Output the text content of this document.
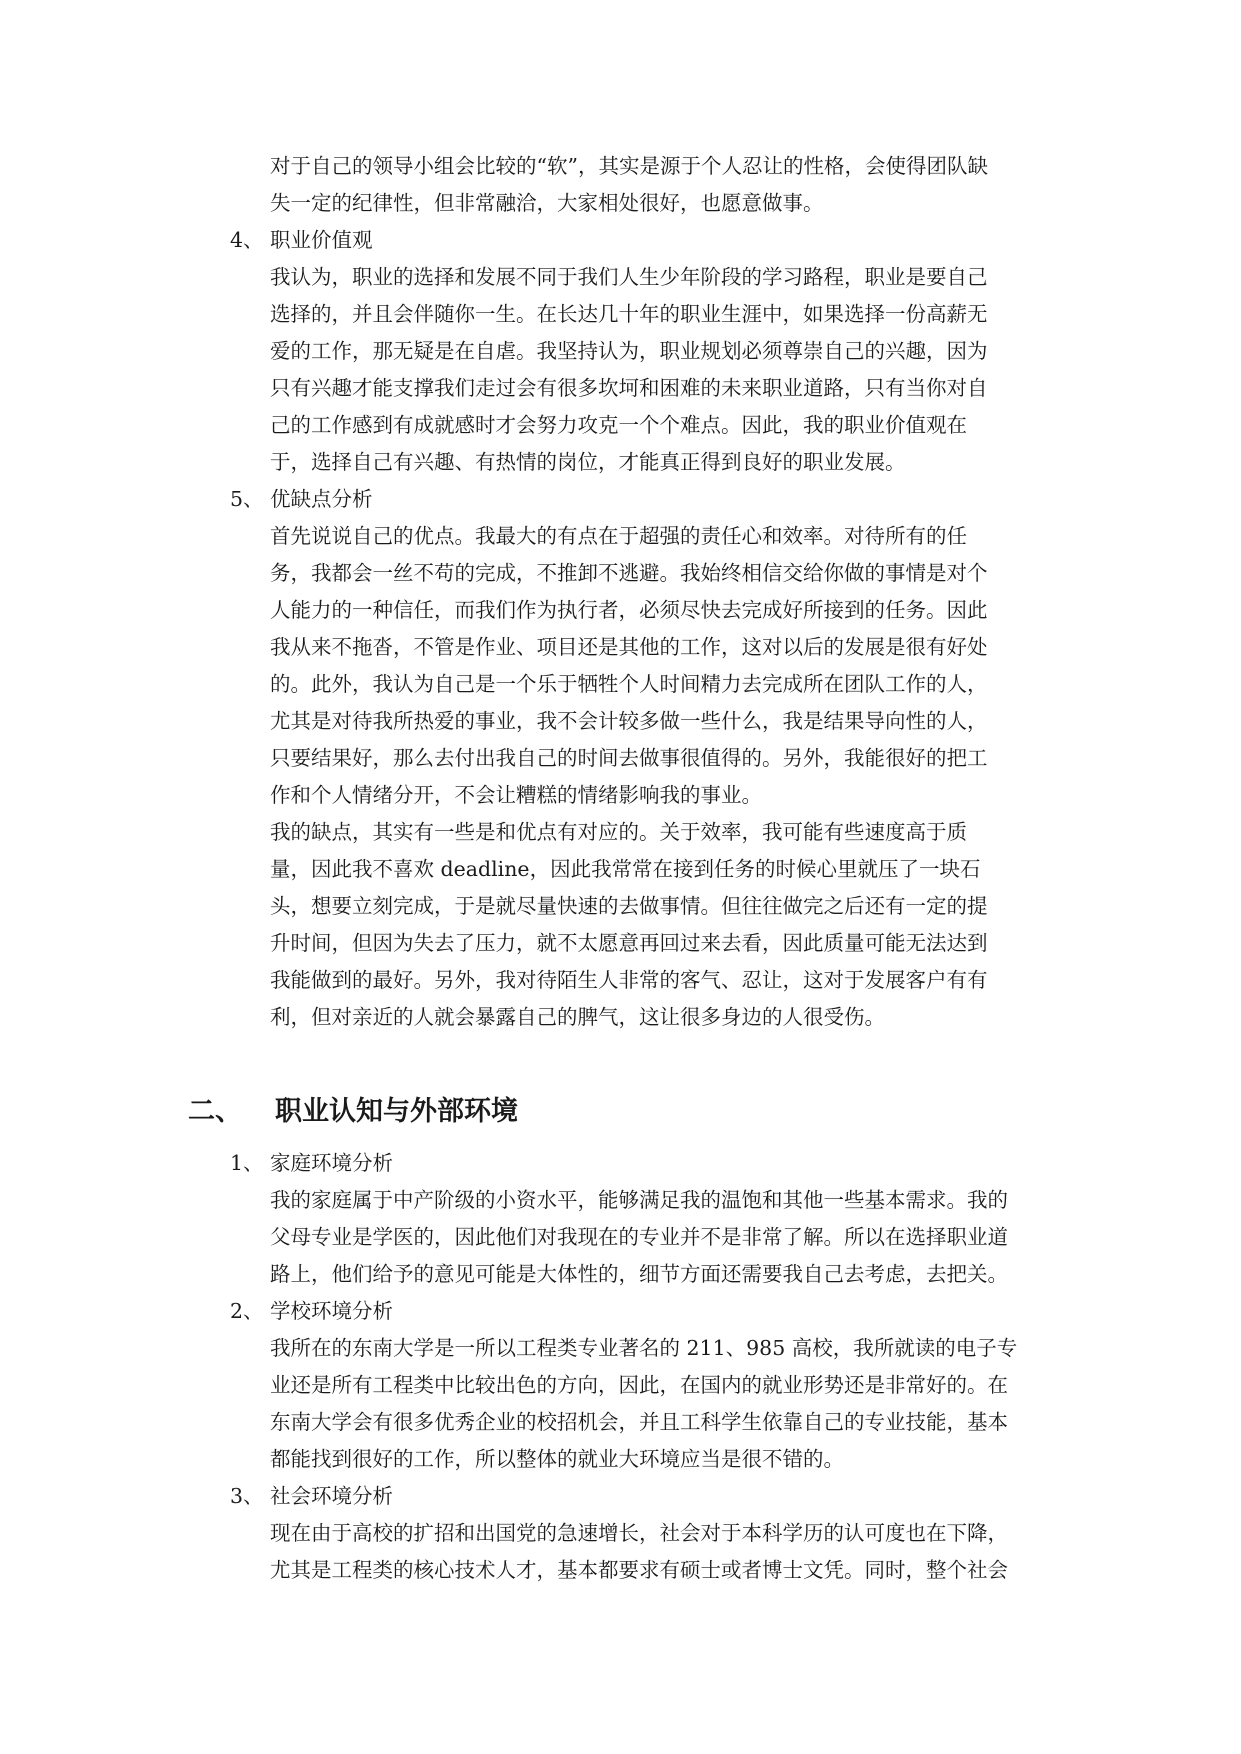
对于自己的领导小组会比较的“软”，其实是源于个人忍让的性格，会使得团队缺
失一定的纪律性，但非常融洽，大家相处很好，也愿意做事。
4、 职业价值观
我认为，职业的选择和发展不同于我们人生少年阶段的学习路程，职业是要自己
选择的，并且会伴随你一生。在长达几十年的职业生涯中，如果选择一份高薪无
爱的工作，那无疑是在自虐。我坚持认为，职业规划必须尊崇自己的兴趣，因为
只有兴趣才能支撑我们走过会有很多坎坷和困难的未来职业道路，只有当你对自
己的工作感到有成就感时才会努力攻克一个个难点。因此，我的职业价值观在
于，选择自己有兴趣、有热情的岗位，才能真正得到良好的职业发展。
5、 优缺点分析
首先说说自己的优点。我最大的有点在于超强的责任心和效率。对待所有的任
务，我都会一丝不苟的完成，不推卸不逃避。我始终相信交给你做的事情是对个
人能力的一种信任，而我们作为执行者，必须尽快去完成好所接到的任务。因此
我从来不拖沓，不管是作业、项目还是其他的工作，这对以后的发展是很有好处
的。此外，我认为自己是一个乐于牺牲个人时间精力去完成所在团队工作的人，
尤其是对待我所热爱的事业，我不会计较多做一些什么，我是结果导向性的人，
只要结果好，那么去付出我自己的时间去做事很值得的。另外，我能很好的把工
作和个人情绪分开，不会让糟糕的情绪影响我的事业。
我的缺点，其实有一些是和优点有对应的。关于效率，我可能有些速度高于质
量，因此我不喜欢 deadline，因此我常常在接到任务的时候心里就压了一块石
头，想要立刻完成，于是就尽量快速的去做事情。但往往做完之后还有一定的提
升时间，但因为失去了压力，就不太愿意再回过来去看，因此质量可能无法达到
我能做到的最好。另外，我对待陌生人非常的客气、忍让，这对于发展客户有有
利，但对亲近的人就会暴露自己的脾气，这让很多身边的人很受伤。
二、 职业认知与外部环境
1、 家庭环境分析
我的家庭属于中产阶级的小资水平，能够满足我的温饱和其他一些基本需求。我的
父母专业是学医的，因此他们对我现在的专业并不是非常了解。所以在选择职业道
路上，他们给予的意见可能是大体性的，细节方面还需要我自己去考虑，去把关。
2、 学校环境分析
我所在的东南大学是一所以工程类专业著名的 211、985 高校，我所就读的电子专
业还是所有工程类中比较出色的方向，因此，在国内的就业形势还是非常好的。在
东南大学会有很多优秀企业的校招机会，并且工科学生依靠自己的专业技能，基本
都能找到很好的工作，所以整体的就业大环境应当是很不错的。
3、 社会环境分析
现在由于高校的扩招和出国党的急速增长，社会对于本科学历的认可度也在下降，
尤其是工程类的核心技术人才，基本都要求有硕士或者博士文凭。同时，整个社会
